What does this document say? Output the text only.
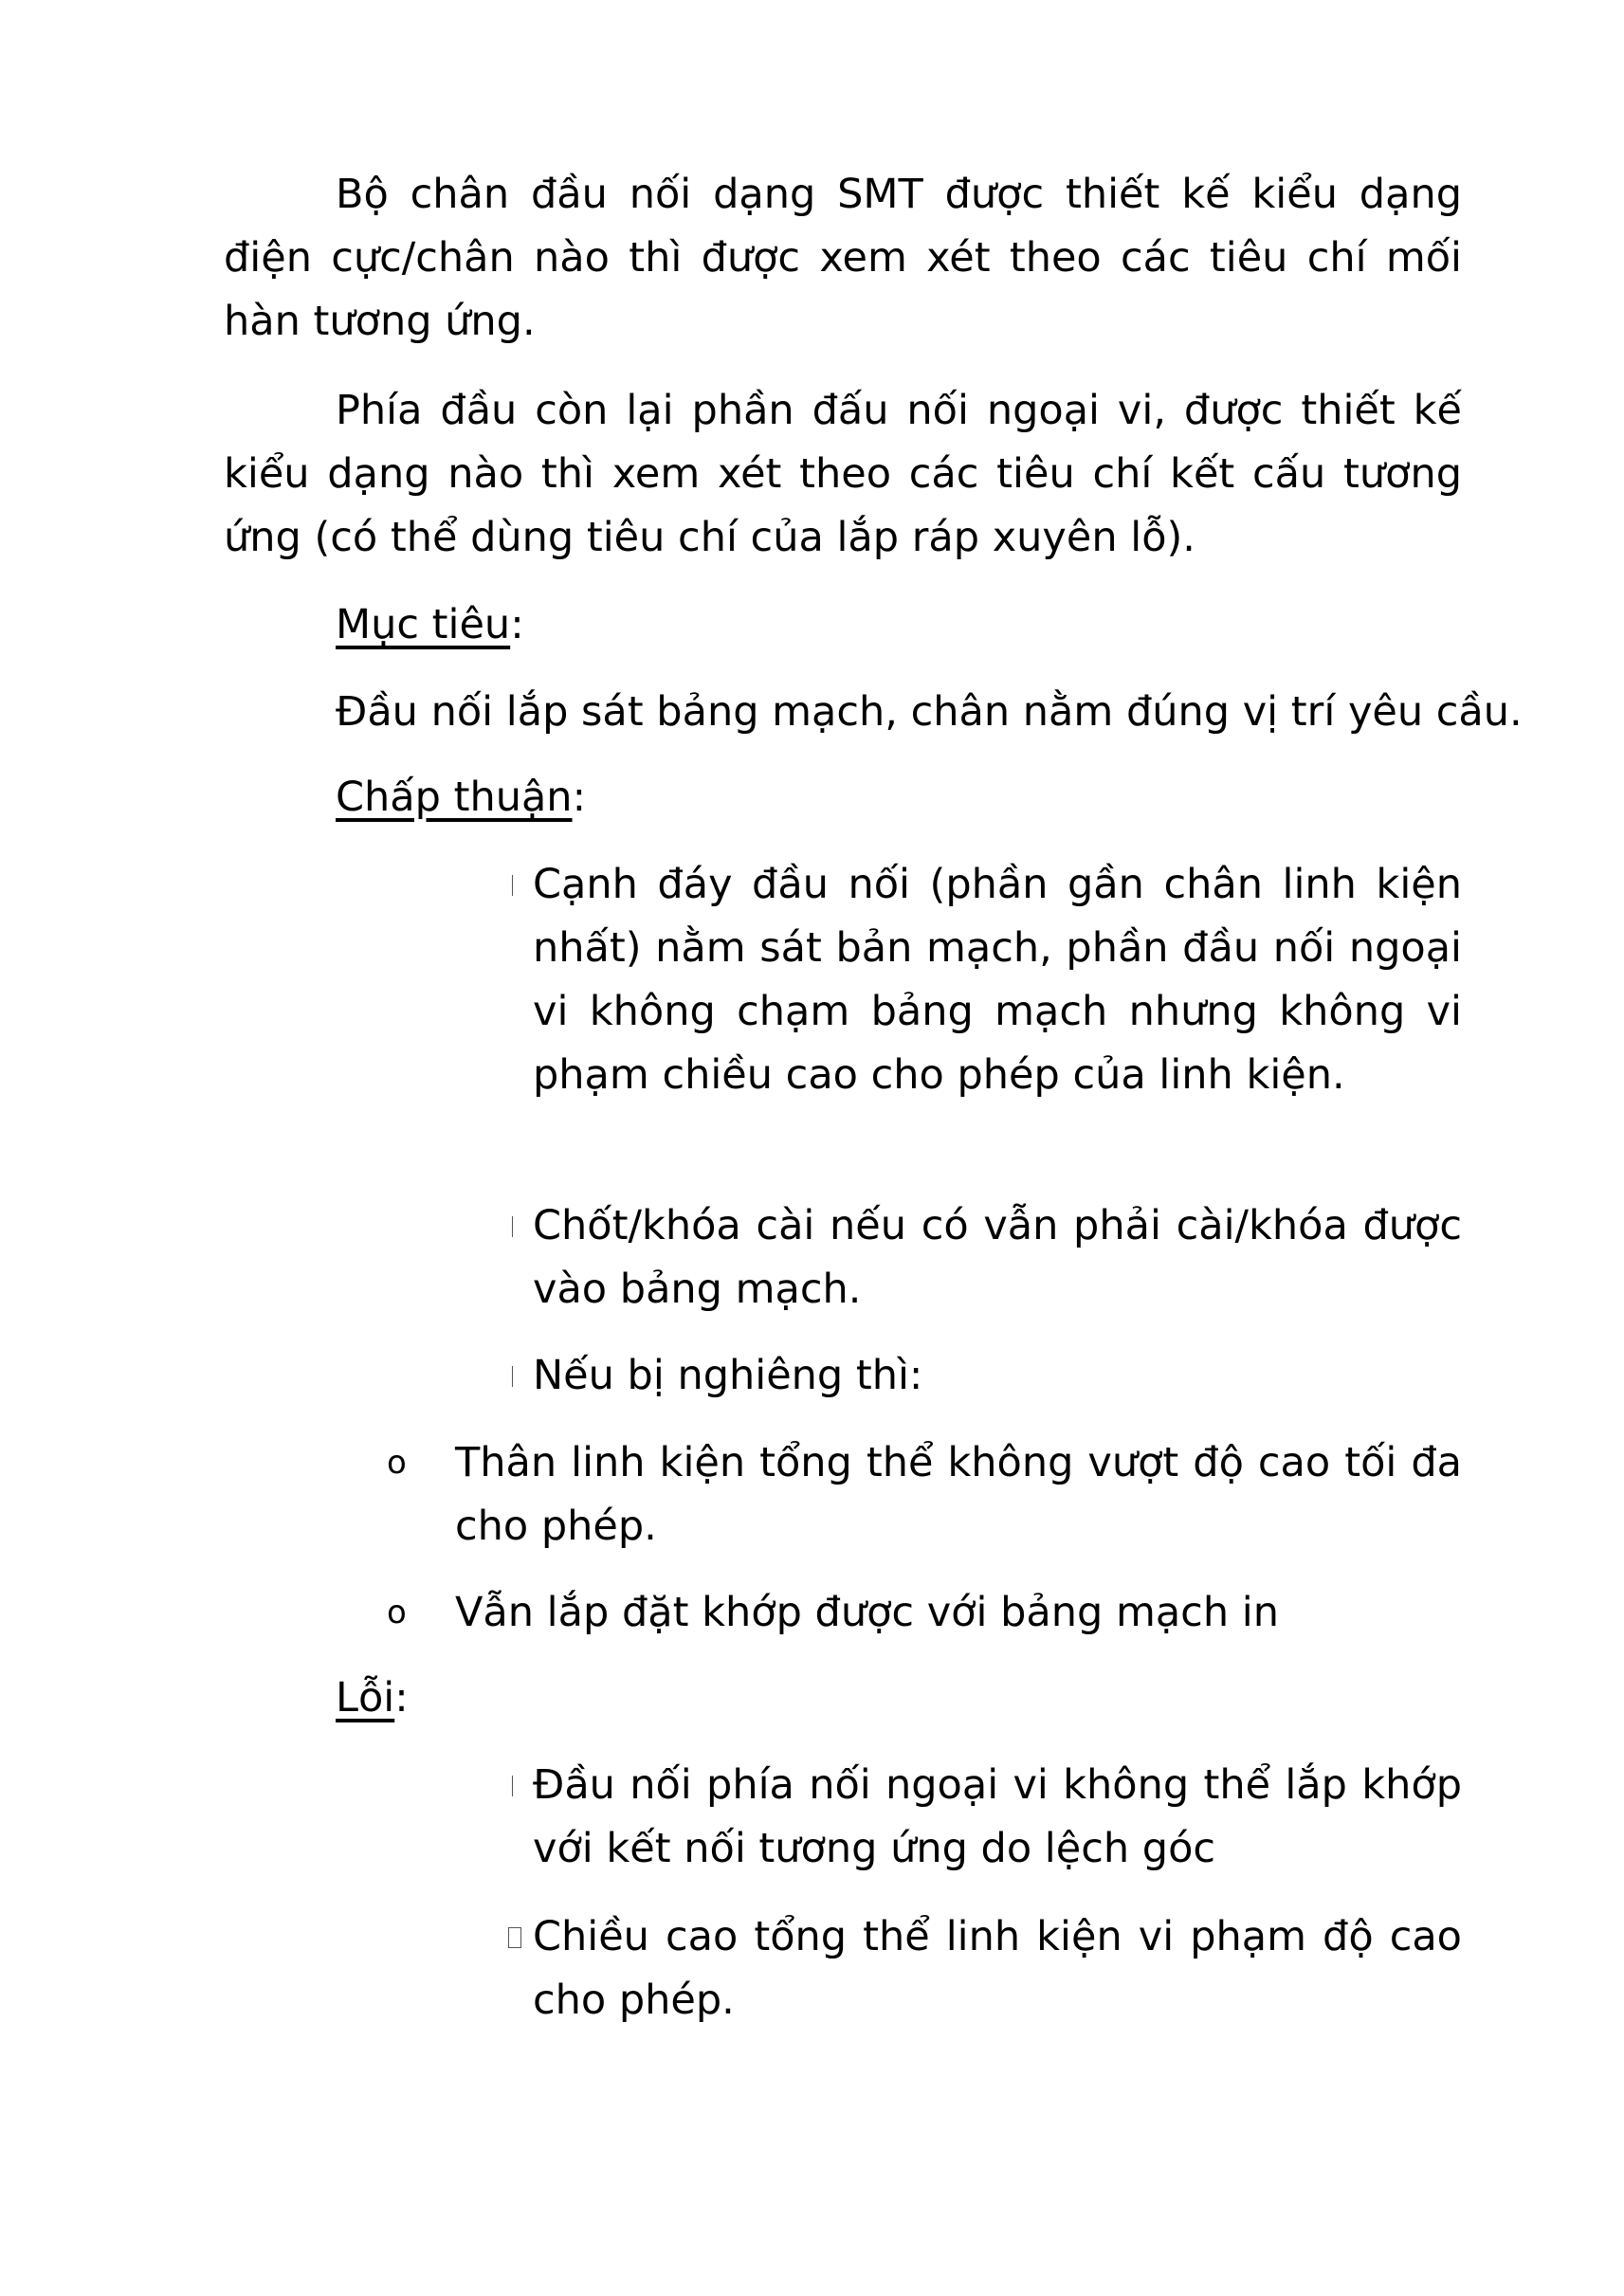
Bộ chân đầu nối dạng SMT được thiết kế kiểu dạng điện cực/chân nào thì được xem xét theo các tiêu chí mối hàn tương ứng.

Phía đầu còn lại phần đấu nối ngoại vi, được thiết kế kiểu dạng nào thì xem xét theo các tiêu chí kết cấu tương ứng (có thể dùng tiêu chí của lắp ráp xuyên lỗ).

Mục tiêu:

Đầu nối lắp sát bảng mạch, chân nằm đúng vị trí yêu cầu.

Chấp thuận:

Cạnh đáy đầu nối (phần gần chân linh kiện nhất) nằm sát bản mạch, phần đầu nối ngoại vi không chạm bảng mạch nhưng không vi phạm chiều cao cho phép của linh kiện.

Chốt/khóa cài nếu có vẫn phải cài/khóa được vào bảng mạch.

Nếu bị nghiêng thì:

o Thân linh kiện tổng thể không vượt độ cao tối đa cho phép.

o Vẫn lắp đặt khớp được với bảng mạch in

Lỗi:

Đầu nối phía nối ngoại vi không thể lắp khớp với kết nối tương ứng do lệch góc

Chiều cao tổng thể linh kiện vi phạm độ cao cho phép.
